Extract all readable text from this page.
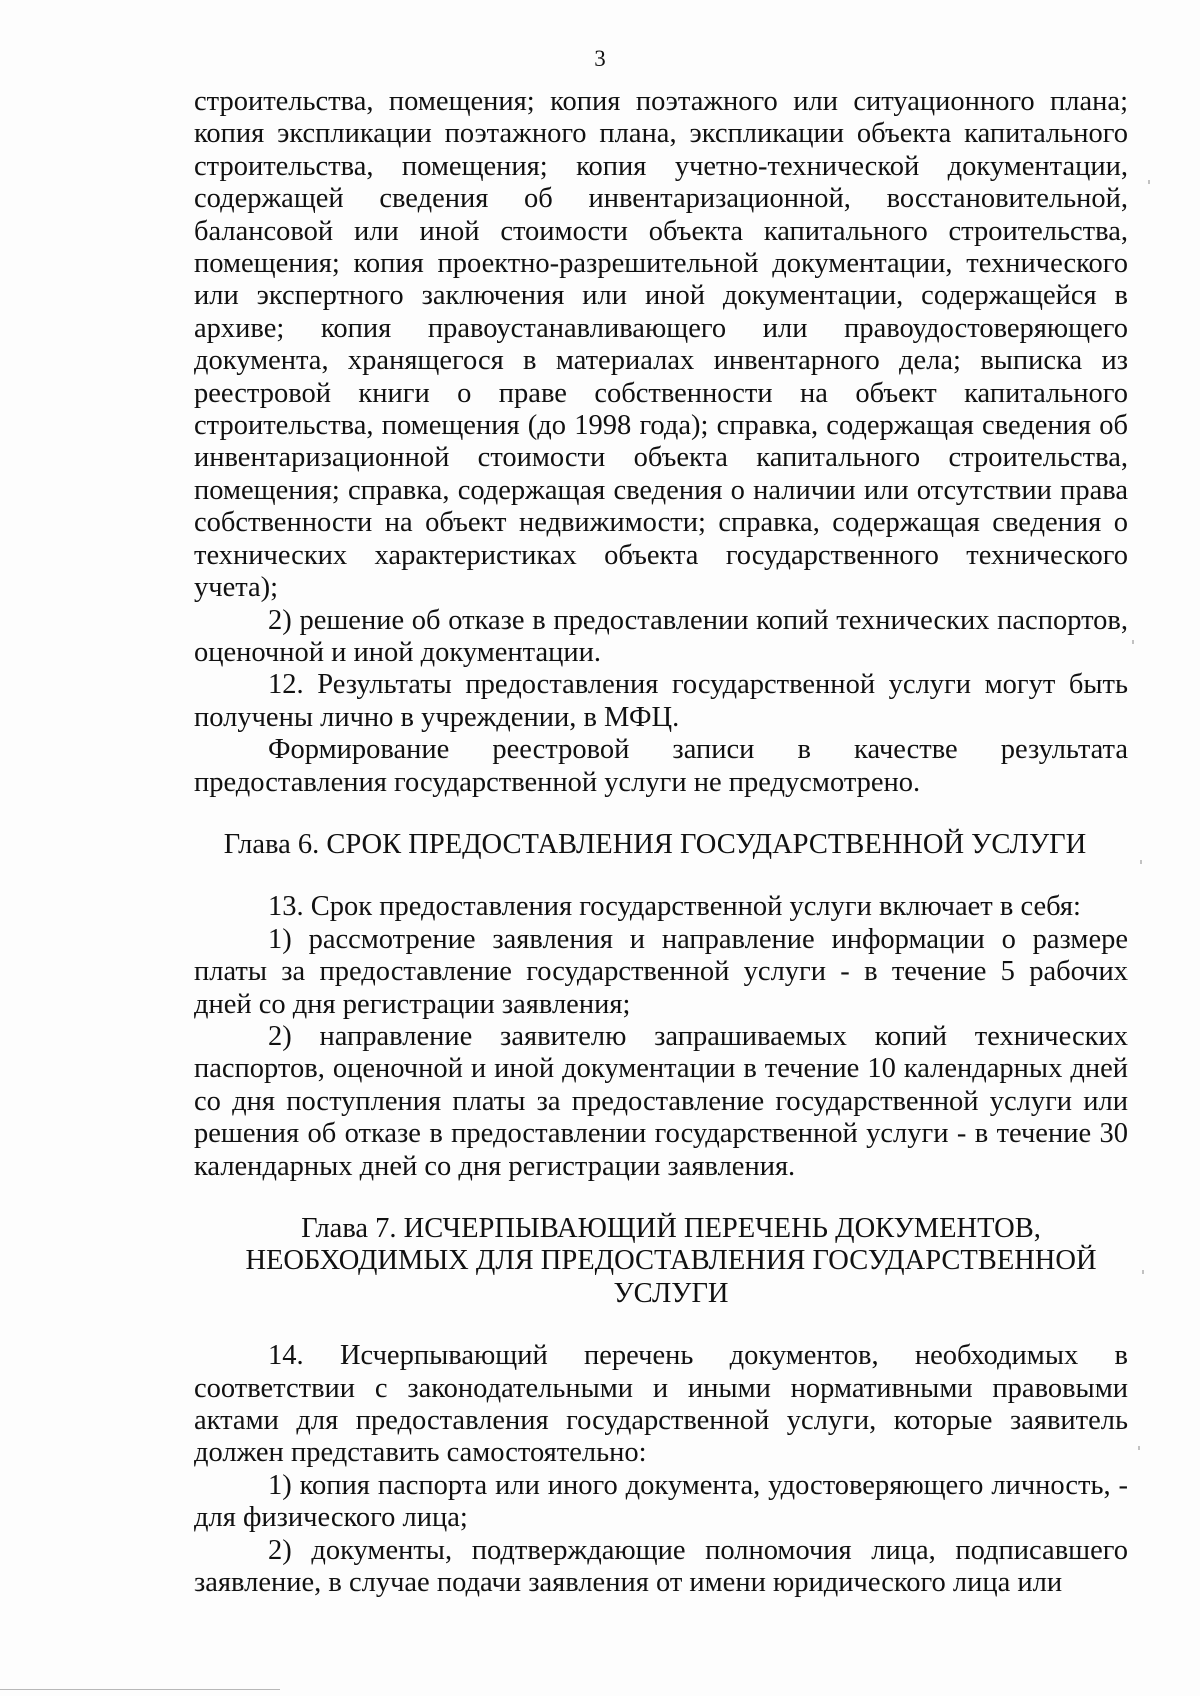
3

строительства, помещения; копия поэтажного или ситуационного плана; копия экспликации поэтажного плана, экспликации объекта капитального строительства, помещения; копия учетно-технической документации, содержащей сведения об инвентаризационной, восстановительной, балансовой или иной стоимости объекта капитального строительства, помещения; копия проектно-разрешительной документации, технического или экспертного заключения или иной документации, содержащейся в архиве; копия правоустанавливающего или правоудостоверяющего документа, хранящегося в материалах инвентарного дела; выписка из реестровой книги о праве собственности на объект капитального строительства, помещения (до 1998 года); справка, содержащая сведения об инвентаризационной стоимости объекта капитального строительства, помещения; справка, содержащая сведения о наличии или отсутствии права собственности на объект недвижимости; справка, содержащая сведения о технических характеристиках объекта государственного технического учета);

2) решение об отказе в предоставлении копий технических паспортов, оценочной и иной документации.

12. Результаты предоставления государственной услуги могут быть получены лично в учреждении, в МФЦ.

Формирование реестровой записи в качестве результата предоставления государственной услуги не предусмотрено.

Глава 6. СРОК ПРЕДОСТАВЛЕНИЯ ГОСУДАРСТВЕННОЙ УСЛУГИ

13. Срок предоставления государственной услуги включает в себя:

1) рассмотрение заявления и направление информации о размере платы за предоставление государственной услуги - в течение 5 рабочих дней со дня регистрации заявления;

2) направление заявителю запрашиваемых копий технических паспортов, оценочной и иной документации в течение 10 календарных дней со дня поступления платы за предоставление государственной услуги или решения об отказе в предоставлении государственной услуги - в течение 30 календарных дней со дня регистрации заявления.

Глава 7. ИСЧЕРПЫВАЮЩИЙ ПЕРЕЧЕНЬ ДОКУМЕНТОВ, НЕОБХОДИМЫХ ДЛЯ ПРЕДОСТАВЛЕНИЯ ГОСУДАРСТВЕННОЙ УСЛУГИ

14. Исчерпывающий перечень документов, необходимых в соответствии с законодательными и иными нормативными правовыми актами для предоставления государственной услуги, которые заявитель должен представить самостоятельно:

1) копия паспорта или иного документа, удостоверяющего личность, - для физического лица;

2) документы, подтверждающие полномочия лица, подписавшего заявление, в случае подачи заявления от имени юридического лица или
